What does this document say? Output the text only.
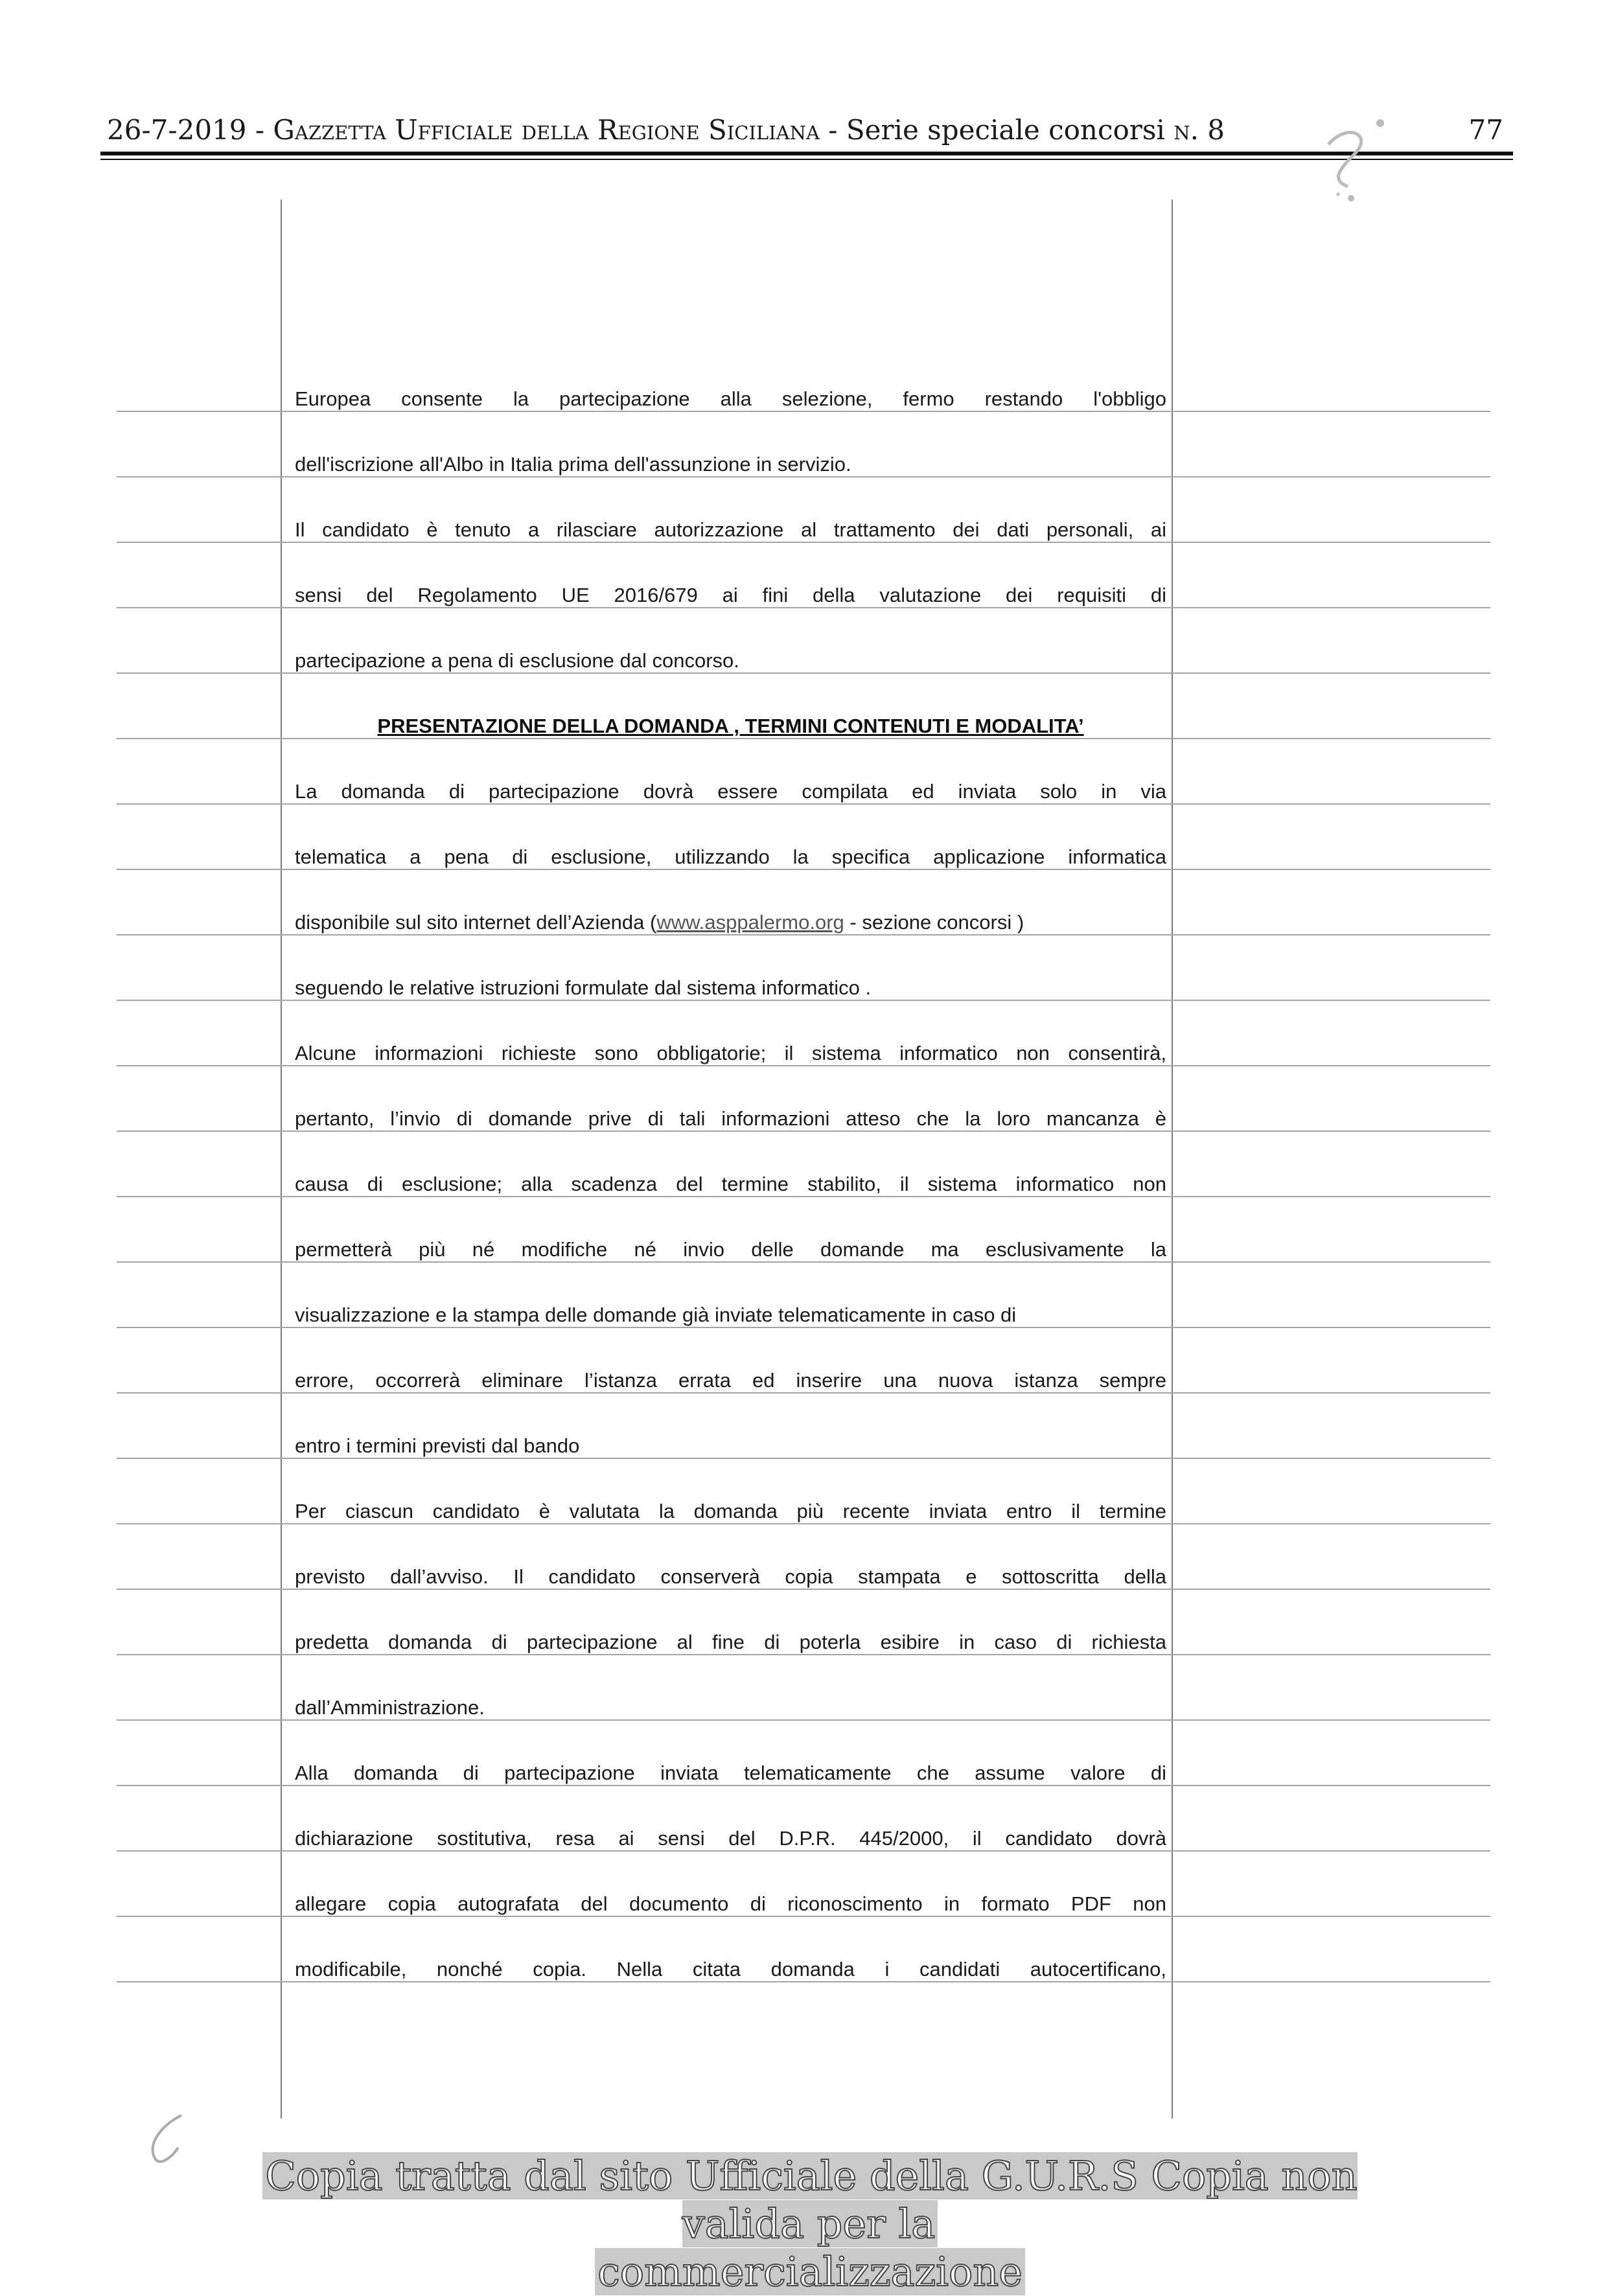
26-7-2019 - Gazzetta Ufficiale della Regione Siciliana - Serie speciale concorsi n. 8	77
Europea consente la partecipazione alla selezione, fermo restando l'obbligo
dell'iscrizione all'Albo in Italia prima dell'assunzione in servizio.
Il candidato è tenuto a rilasciare autorizzazione al trattamento dei dati personali, ai
sensi del Regolamento UE 2016/679 ai fini della valutazione dei requisiti di
partecipazione a pena di esclusione dal concorso.
PRESENTAZIONE DELLA DOMANDA , TERMINI CONTENUTI E MODALITA’
La domanda di partecipazione dovrà essere compilata ed inviata solo in via
telematica a pena di esclusione, utilizzando la specifica applicazione informatica
disponibile sul sito internet dell’Azienda (www.asppalermo.org - sezione concorsi )
seguendo le relative istruzioni formulate dal sistema informatico .
Alcune informazioni richieste sono obbligatorie; il sistema informatico non consentirà,
pertanto, l’invio di domande prive di tali informazioni atteso che la loro mancanza è
causa di esclusione; alla scadenza del termine stabilito, il sistema informatico non
permetterà più né modifiche né invio delle domande ma esclusivamente la
visualizzazione e la stampa delle domande già inviate telematicamente in caso di
errore, occorrerà eliminare l’istanza errata ed inserire una nuova istanza sempre
entro i termini previsti dal bando
Per ciascun candidato è valutata la domanda più recente inviata entro il termine
previsto dall’avviso. Il candidato conserverà copia stampata e sottoscritta della
predetta domanda di partecipazione al fine di poterla esibire in caso di richiesta
dall’Amministrazione.
Alla domanda di partecipazione inviata telematicamente che assume valore di
dichiarazione sostitutiva, resa ai sensi del D.P.R. 445/2000, il candidato dovrà
allegare copia autografata del documento di riconoscimento in formato PDF non
modificabile, nonché copia. Nella citata domanda i candidati autocertificano,
Copia tratta dal sito Ufficiale della G.U.R.S Copia non valida per la
commercializzazione
